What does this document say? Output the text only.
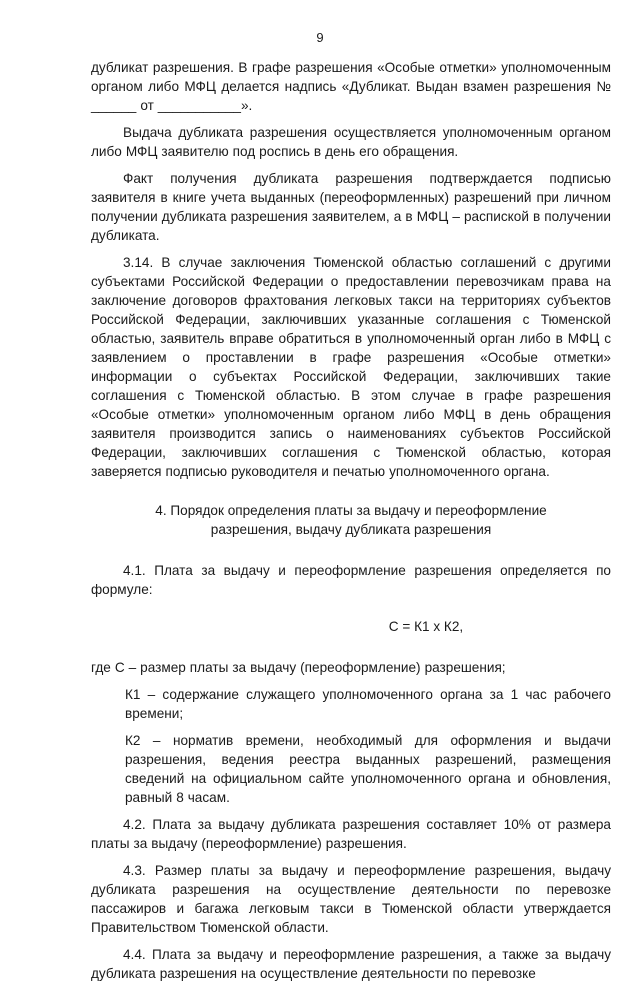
9

дубликат разрешения. В графе разрешения «Особые отметки» уполномоченным органом либо МФЦ делается надпись «Дубликат. Выдан взамен разрешения № ______ от ___________».

Выдача дубликата разрешения осуществляется уполномоченным органом либо МФЦ заявителю под роспись в день его обращения.

Факт получения дубликата разрешения подтверждается подписью заявителя в книге учета выданных (переоформленных) разрешений при личном получении дубликата разрешения заявителем, а в МФЦ – распиской в получении дубликата.

3.14. В случае заключения Тюменской областью соглашений с другими субъектами Российской Федерации о предоставлении перевозчикам права на заключение договоров фрахтования легковых такси на территориях субъектов Российской Федерации, заключивших указанные соглашения с Тюменской областью, заявитель вправе обратиться в уполномоченный орган либо в МФЦ с заявлением о проставлении в графе разрешения «Особые отметки» информации о субъектах Российской Федерации, заключивших такие соглашения с Тюменской областью. В этом случае в графе разрешения «Особые отметки» уполномоченным органом либо МФЦ в день обращения заявителя производится запись о наименованиях субъектов Российской Федерации, заключивших соглашения с Тюменской областью, которая заверяется подписью руководителя и печатью уполномоченного органа.

4. Порядок определения платы за выдачу и переоформление
разрешения, выдачу дубликата разрешения

4.1. Плата за выдачу и переоформление разрешения определяется по формуле:

С = К1 х К2,

где С – размер платы за выдачу (переоформление) разрешения;

К1 – содержание служащего уполномоченного органа за 1 час рабочего времени;

К2 – норматив времени, необходимый для оформления и выдачи разрешения, ведения реестра выданных разрешений, размещения сведений на официальном сайте уполномоченного органа и обновления, равный 8 часам.

4.2. Плата за выдачу дубликата разрешения составляет 10% от размера платы за выдачу (переоформление) разрешения.

4.3. Размер платы за выдачу и переоформление разрешения, выдачу дубликата разрешения на осуществление деятельности по перевозке пассажиров и багажа легковым такси в Тюменской области утверждается Правительством Тюменской области.

4.4. Плата за выдачу и переоформление разрешения, а также за выдачу дубликата разрешения на осуществление деятельности по перевозке
